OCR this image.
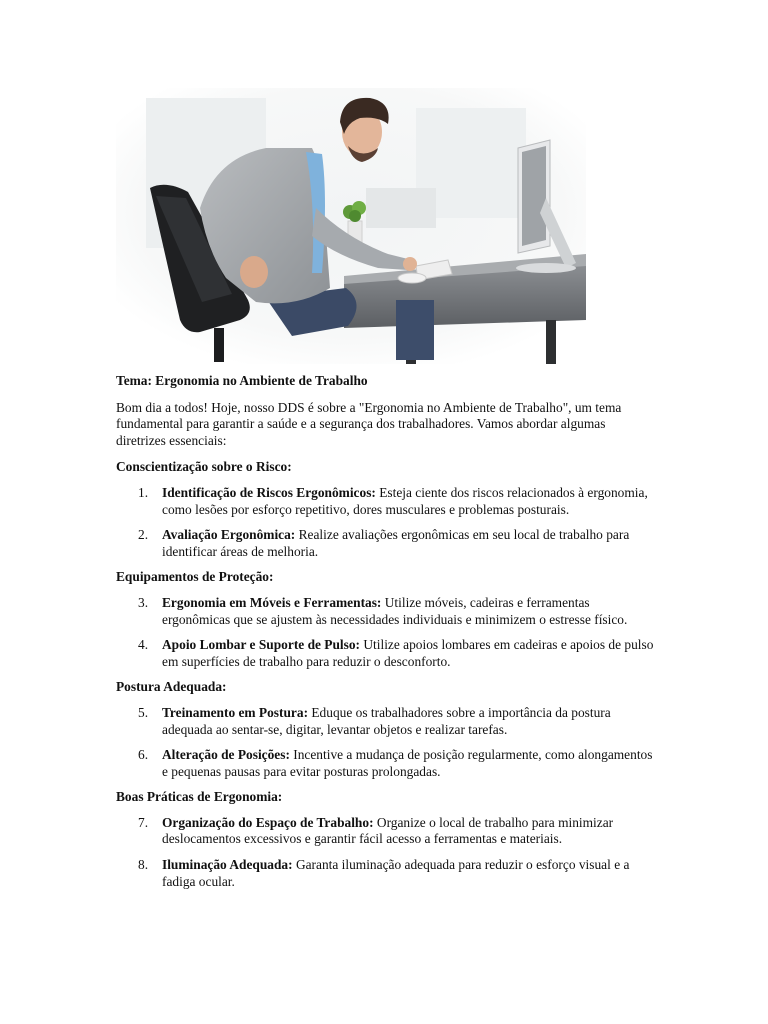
Tema: Ergonomia no Ambiente de Trabalho

Bom dia a todos! Hoje, nosso DDS é sobre a "Ergonomia no Ambiente de Trabalho", um tema fundamental para garantir a saúde e a segurança dos trabalhadores. Vamos abordar algumas diretrizes essenciais:

Conscientização sobre o Risco:

1.	Identificação de Riscos Ergonômicos: Esteja ciente dos riscos relacionados à ergonomia, como lesões por esforço repetitivo, dores musculares e problemas posturais.
2.	Avaliação Ergonômica: Realize avaliações ergonômicas em seu local de trabalho para identificar áreas de melhoria.

Equipamentos de Proteção:

3.	Ergonomia em Móveis e Ferramentas: Utilize móveis, cadeiras e ferramentas ergonômicas que se ajustem às necessidades individuais e minimizem o estresse físico.
4.	Apoio Lombar e Suporte de Pulso: Utilize apoios lombares em cadeiras e apoios de pulso em superfícies de trabalho para reduzir o desconforto.

Postura Adequada:

5.	Treinamento em Postura: Eduque os trabalhadores sobre a importância da postura adequada ao sentar-se, digitar, levantar objetos e realizar tarefas.
6.	Alteração de Posições: Incentive a mudança de posição regularmente, como alongamentos e pequenas pausas para evitar posturas prolongadas.

Boas Práticas de Ergonomia:

7.	Organização do Espaço de Trabalho: Organize o local de trabalho para minimizar deslocamentos excessivos e garantir fácil acesso a ferramentas e materiais.
8.	Iluminação Adequada: Garanta iluminação adequada para reduzir o esforço visual e a fadiga ocular.
